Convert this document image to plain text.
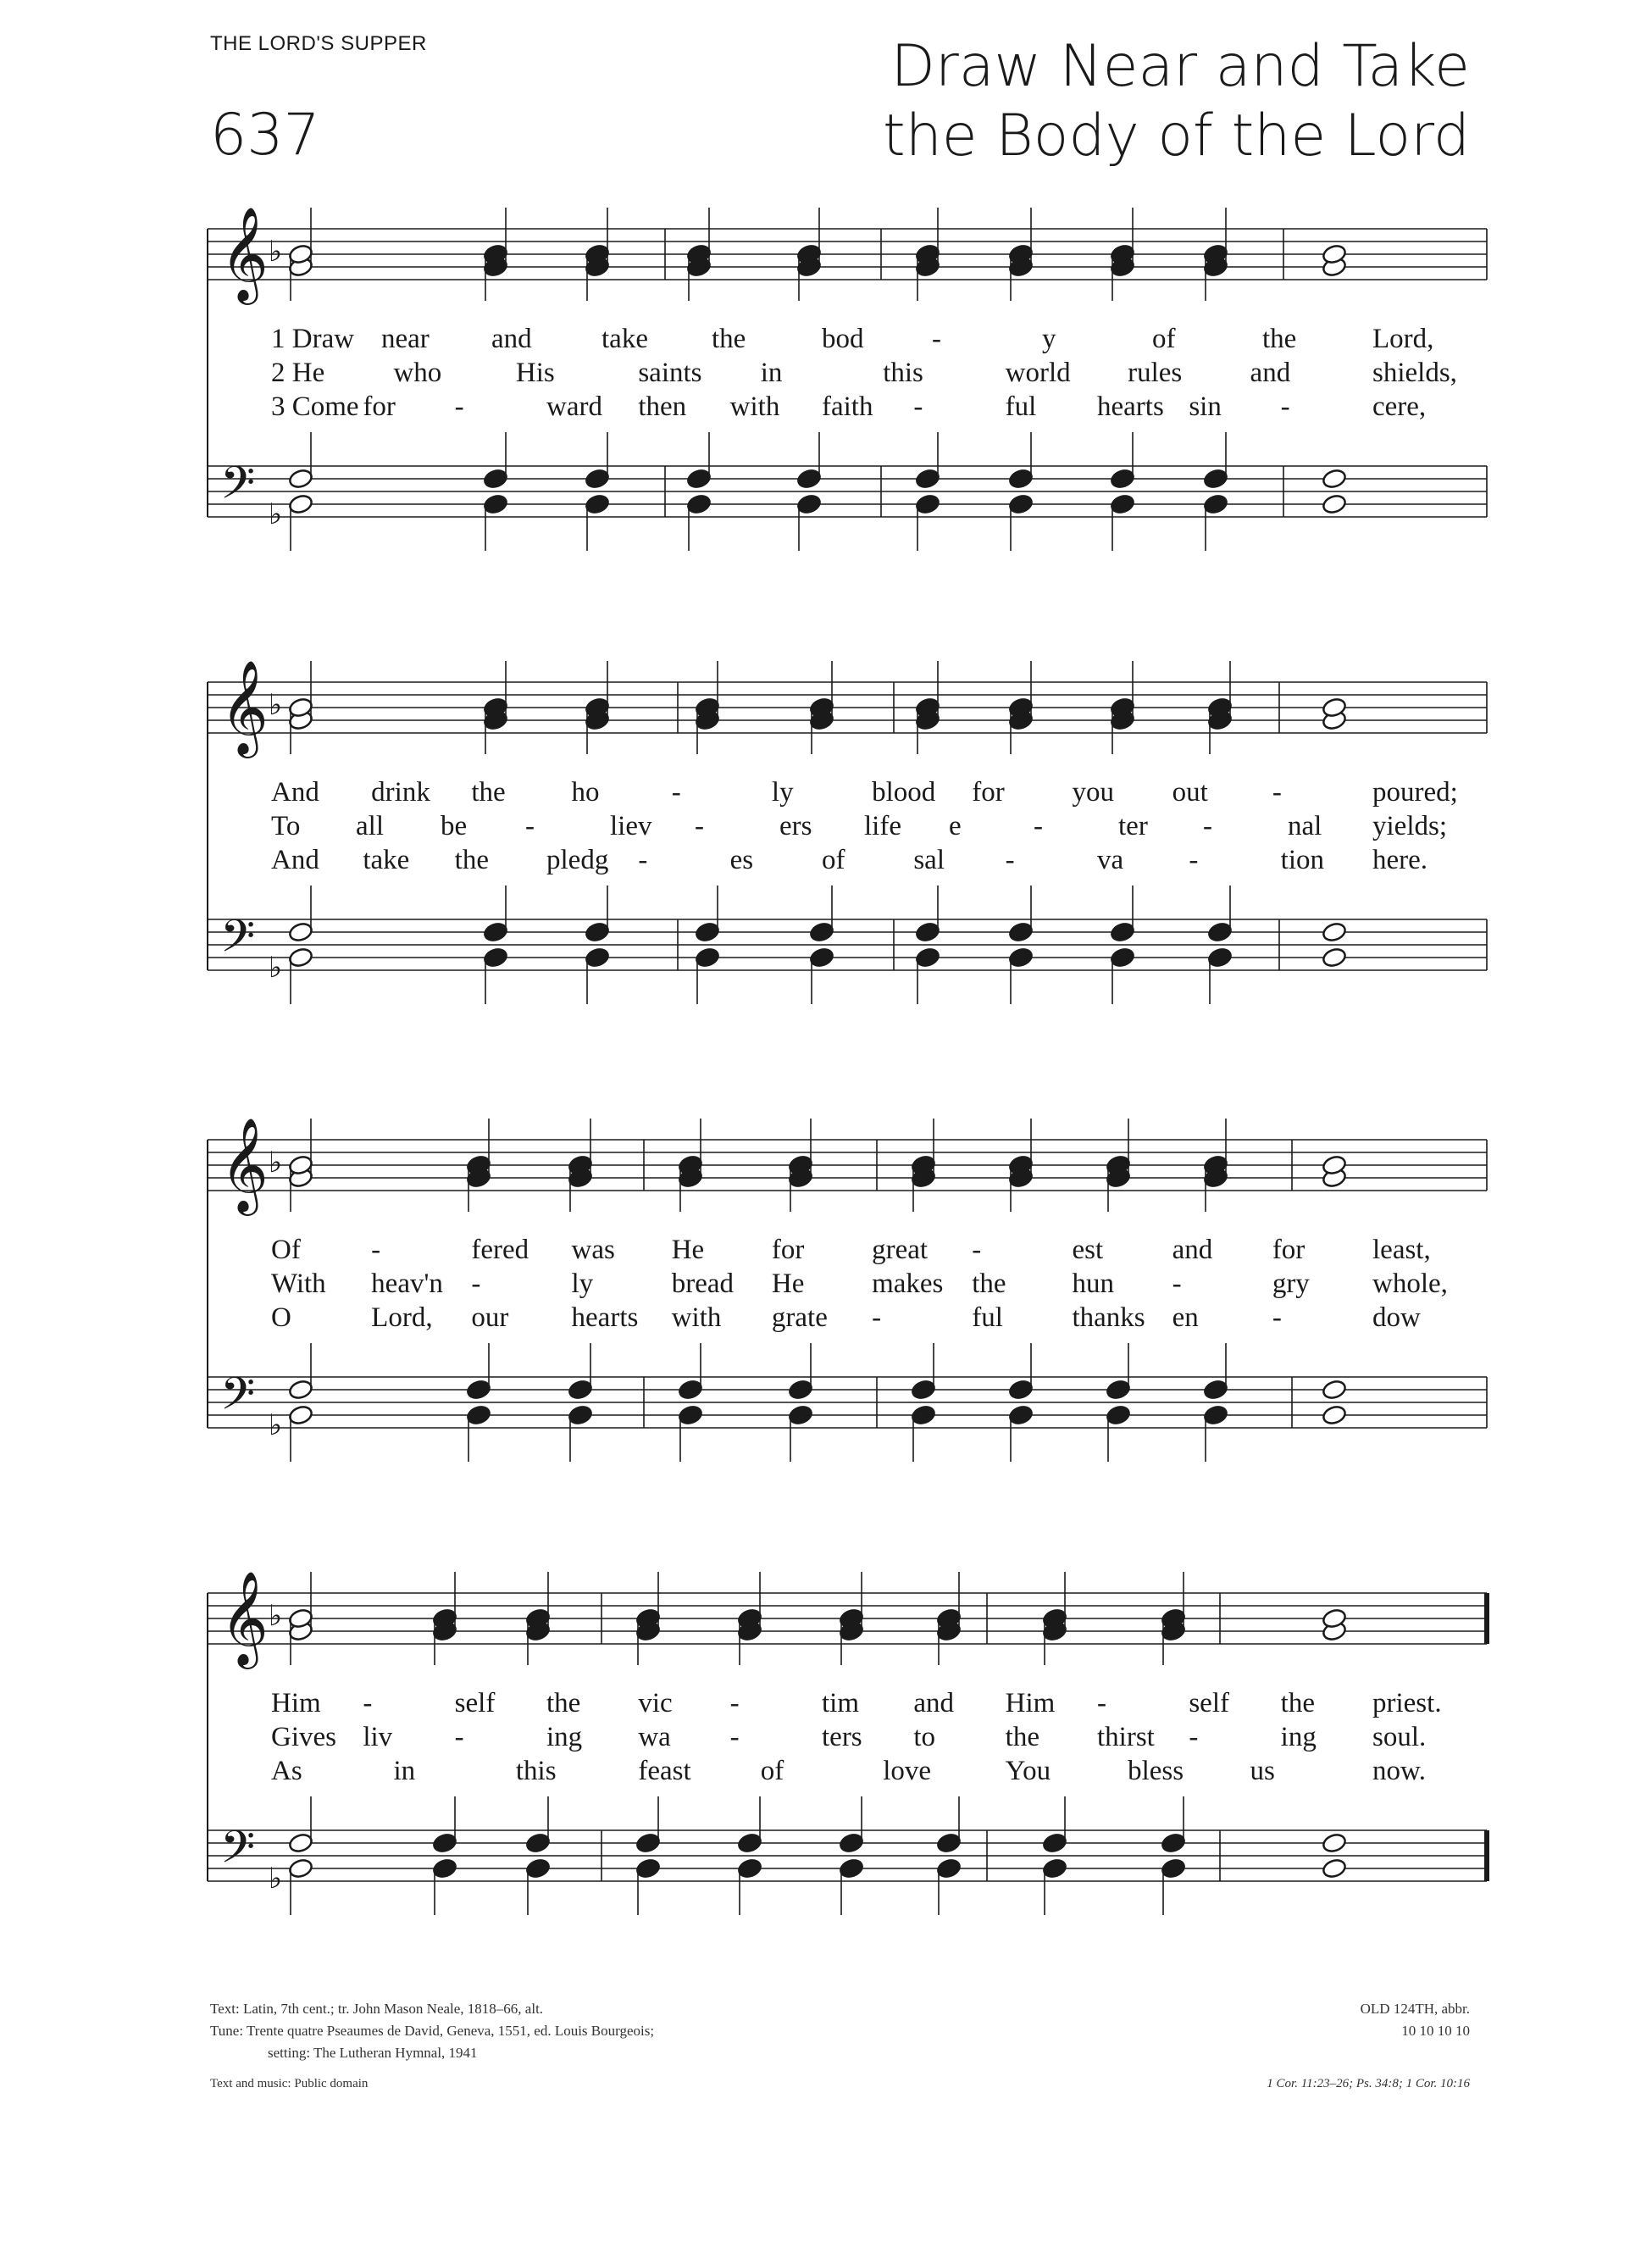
THE LORD'S SUPPER
637
Draw Near and Take
the Body of the Lord
𝄞
𝄢
♭
♭
1 Draw near and take the	bod -	y	of	the	Lord,
2 He who	His	saints in	this	world rules and	shields,
3 Come for -	ward then with faith -	ful hearts sin -	cere,
𝄞
𝄢
♭
♭
And drink the ho	-	ly	blood for you out -	poured;
To all be -	liev -	ers life e	-	ter -	nal yields;
And take the pledg -	es of sal -	va -	tion here.
𝄞
𝄢
♭
♭
Of	-	fered was He for great -	est and for least,
With heav'n -	ly	bread He makes the hun -	gry whole,
O	Lord, our hearts with grate -	ful thanks en	-	dow
𝄞
𝄢
♭
♭
Him -	self the vic -	tim and Him -	self the priest.
Gives liv -	ing wa -	ters to	the thirst -	ing soul.
As	in	this	feast of	love	You	bless us	now.
Text: Latin, 7th cent.; tr. John Mason Neale, 1818–66, alt.
Tune: Trente quatre Pseaumes de David, Geneva, 1551, ed. Louis Bourgeois;
setting: The Lutheran Hymnal, 1941
Text and music: Public domain
OLD 124TH, abbr.
10 10 10 10
1 Cor. 11:23–26; Ps. 34:8; 1 Cor. 10:16
